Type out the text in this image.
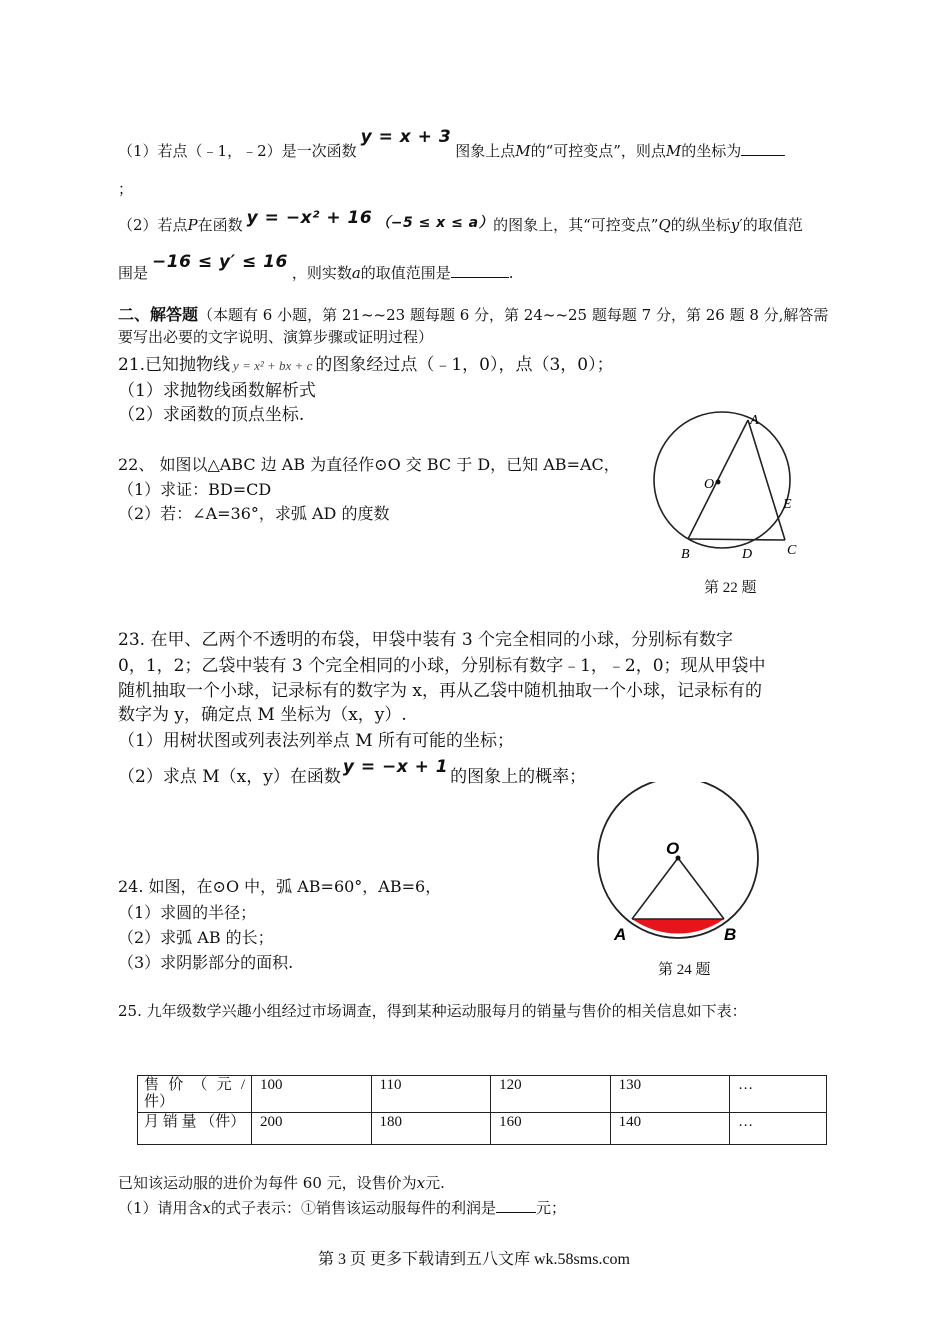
（1）若点（﹣1，﹣2）是一次函数y = x + 3图象上点M的“可控变点”，则点M的坐标为
；
（2）若点P在函数 y = −x² + 16 （−5 ≤ x ≤ a）的图象上，其“可控变点”Q的纵坐标y′的取值范
围是−16 ≤ y′ ≤ 16，则实数a的取值范围是	.
二、解答题（本题有 6 小题，第 21~~23 题每题 6 分，第 24~~25 题每题 7 分，第 26 题 8 分,解答需
要写出必要的文字说明、演算步骤或证明过程）
21.已知抛物线 y = x² + bx + c 的图象经过点（﹣1，0），点（3，0）；
（1）求抛物线函数解析式
（2）求函数的顶点坐标.
22、 如图以△ABC 边 AB 为直径作⊙O 交 BC 于 D，已知 AB=AC，
（1）求证：BD=CD
（2）若：∠A=36°，求弧 AD 的度数
A
O
E
B	D C
第 22 题
23. 在甲、乙两个不透明的布袋，甲袋中装有 3 个完全相同的小球，分别标有数字
0，1，2；乙袋中装有 3 个完全相同的小球，分别标有数字﹣1，﹣2，0；现从甲袋中
随机抽取一个小球，记录标有的数字为 x，再从乙袋中随机抽取一个小球，记录标有的
数字为 y，确定点 M 坐标为（x，y）.
（1）用树状图或列表法列举点 M 所有可能的坐标；
（2）求点 M（x，y）在函数 y = −x + 1 的图象上的概率；
24. 如图，在⊙O 中，弧 AB=60°，AB=6，
（1）求圆的半径；
（2）求弧 AB 的长；
（3）求阴影部分的面积.
O
A	B
第 24 题
25. 九年级数学兴趣小组经过市场调查，得到某种运动服每月的销量与售价的相关信息如下表：
售 价 （ 元 / 件）	100	110	120	130	…
月 销 量 （件）	200	180	160	140	…
已知该运动服的进价为每件 60 元，设售价为x元.
（1）请用含x的式子表示：①销售该运动服每件的利润是	元；
第 3 页 更多下载请到五八文库 wk.58sms.com
